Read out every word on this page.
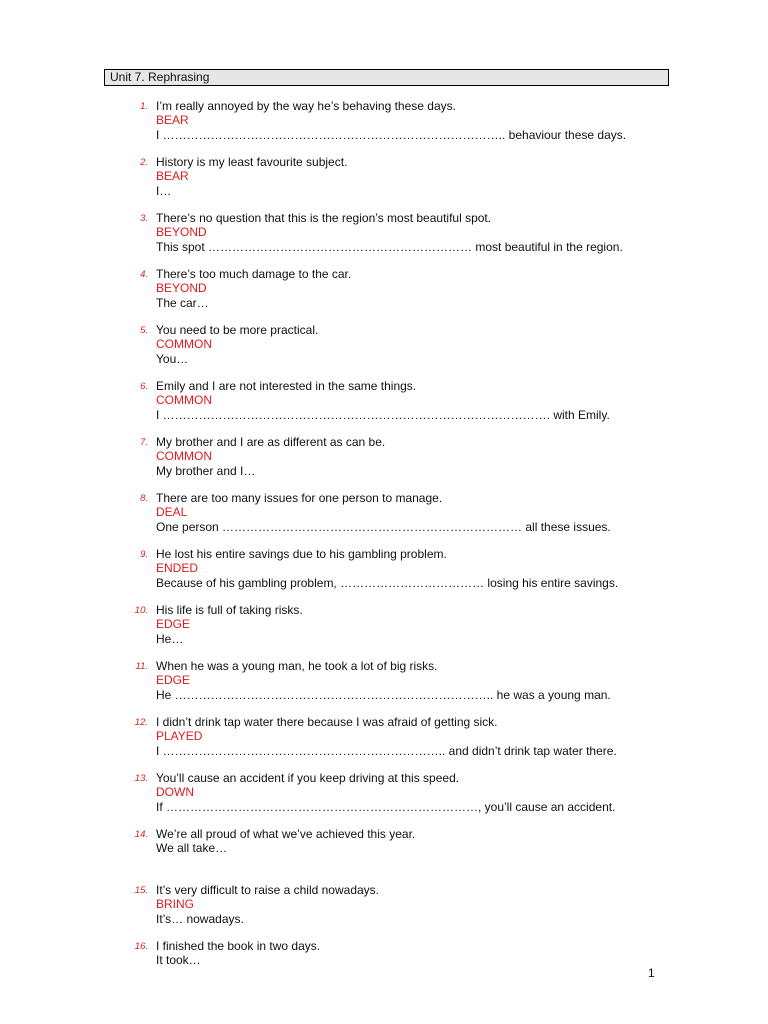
Unit 7. Rephrasing
1. I’m really annoyed by the way he’s behaving these days.
BEAR
I ………………………………………………………………………….. behaviour these days.
2. History is my least favourite subject.
BEAR
I…
3. There’s no question that this is the region’s most beautiful spot.
BEYOND
This spot ………………………………………………………… most beautiful in the region.
4. There’s too much damage to the car.
BEYOND
The car…
5. You need to be more practical.
COMMON
You…
6. Emily and I are not interested in the same things.
COMMON
I ……………………………………………………………………………………. with Emily.
7. My brother and I are as different as can be.
COMMON
My brother and I…
8. There are too many issues for one person to manage.
DEAL
One person ………………………………………………………………… all these issues.
9. He lost his entire savings due to his gambling problem.
ENDED
Because of his gambling problem, ……………………………… losing his entire savings.
10. His life is full of taking risks.
EDGE
He…
11. When he was a young man, he took a lot of big risks.
EDGE
He …………………………………………………………………….. he was a young man.
12. I didn’t drink tap water there because I was afraid of getting sick.
PLAYED
I …………………………………………………………….. and didn’t drink tap water there.
13. You’ll cause an accident if you keep driving at this speed.
DOWN
If ……………………………………………………………………, you’ll cause an accident.
14. We’re all proud of what we’ve achieved this year.
We all take…
15. It’s very difficult to raise a child nowadays.
BRING
It’s… nowadays.
16. I finished the book in two days.
It took…
1
